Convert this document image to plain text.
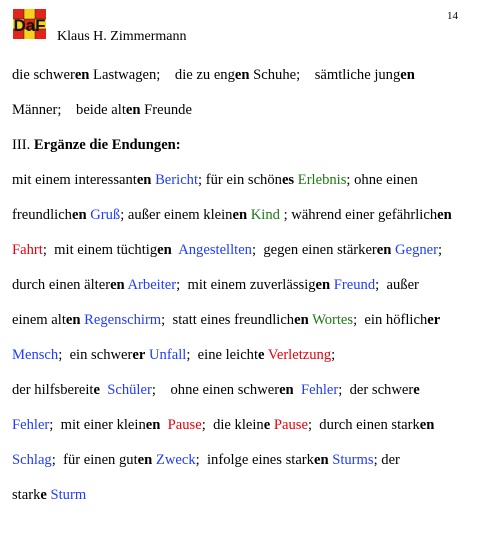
14
DaF
Klaus H. Zimmermann
die schweren Lastwagen;    die zu engen Schuhe;    sämtliche jungen
Männer;    beide alten Freunde
III. Ergänze die Endungen:
mit einem interessanten Bericht; für ein schönes Erlebnis; ohne einen
freundlichen Gruß; außer einem kleinen Kind ; während einer gefährlichen
Fahrt;  mit einem tüchtigen Angestellten;  gegen einen stärkeren Gegner;
durch einen älteren Arbeiter;  mit einem zuverlässigen Freund;  außer
einem alten Regenschirm;  statt eines freundlichen Wortes;  ein höflicher
Mensch;  ein schwerer Unfall;  eine leichte Verletzung;
der hilfsbereite Schüler;    ohne einen schweren Fehler;  der schwere
Fehler;  mit einer kleinen Pause;  die kleine Pause;  durch einen starken
Schlag;  für einen guten Zweck;  infolge eines starken Sturms; der
starke Sturm
